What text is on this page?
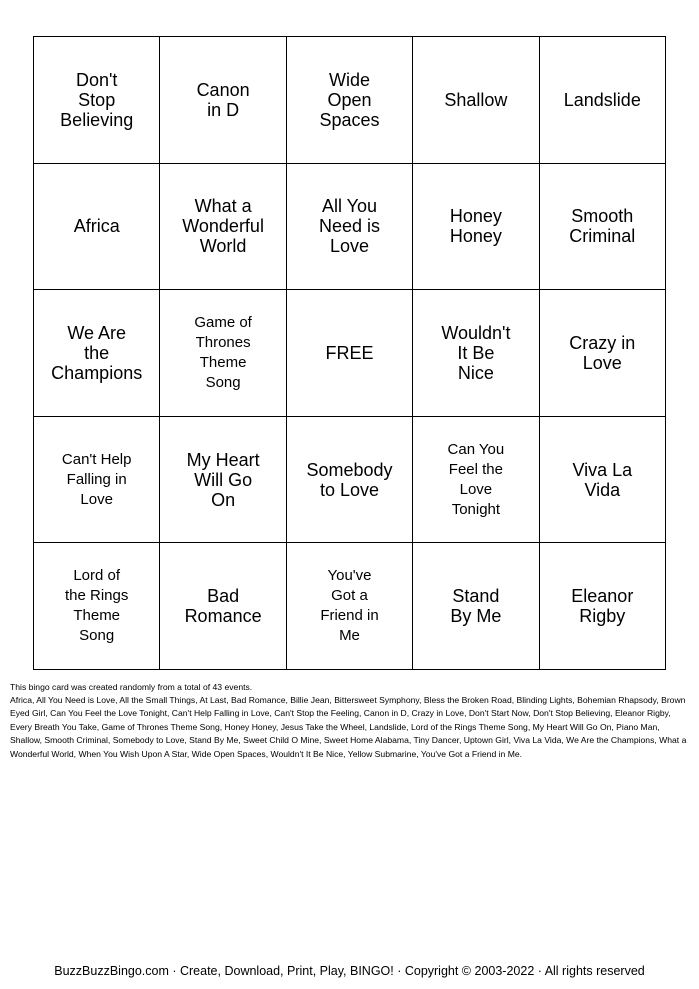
Don't
Stop
Believing
Canon
in D
Wide
Open
Spaces
Shallow	Landslide
Africa
What a
Wonderful
World
All You
Need is
Love
Honey
Honey
Smooth
Criminal
We Are
the
Champions
Game of
Thrones
Theme
Song
FREE
Wouldn't
It Be
Nice
Crazy in
Love
Can't Help
Falling in
Love
My Heart
Will Go
On
Somebody
to Love
Can You
Feel the
Love
Tonight
Viva La
Vida
Lord of
the Rings
Theme
Song
Bad
Romance
You've
Got a
Friend in
Me
Stand
By Me
Eleanor
Rigby

This bingo card was created randomly from a total of 43 events.

Africa, All You Need is Love, All the Small Things, At Last, Bad Romance, Billie Jean, Bittersweet Symphony, Bless the Broken Road, Blinding Lights, Bohemian Rhapsody, Brown Eyed Girl, Can You Feel the Love Tonight, Can't Help Falling in Love, Can't Stop the Feeling, Canon in D, Crazy in Love, Don't Start Now, Don't Stop Believing, Eleanor Rigby, Every Breath You Take, Game of Thrones Theme Song, Honey Honey, Jesus Take the Wheel, Landslide, Lord of the Rings Theme Song, My Heart Will Go On, Piano Man, Shallow, Smooth Criminal, Somebody to Love, Stand By Me, Sweet Child O Mine, Sweet Home Alabama, Tiny Dancer, Uptown Girl, Viva La Vida, We Are the Champions, What a Wonderful World, When You Wish Upon A Star, Wide Open Spaces, Wouldn't It Be Nice, Yellow Submarine, You've Got a Friend in Me.

BuzzBuzzBingo.com · Create, Download, Print, Play, BINGO! · Copyright © 2003-2022 · All rights reserved
